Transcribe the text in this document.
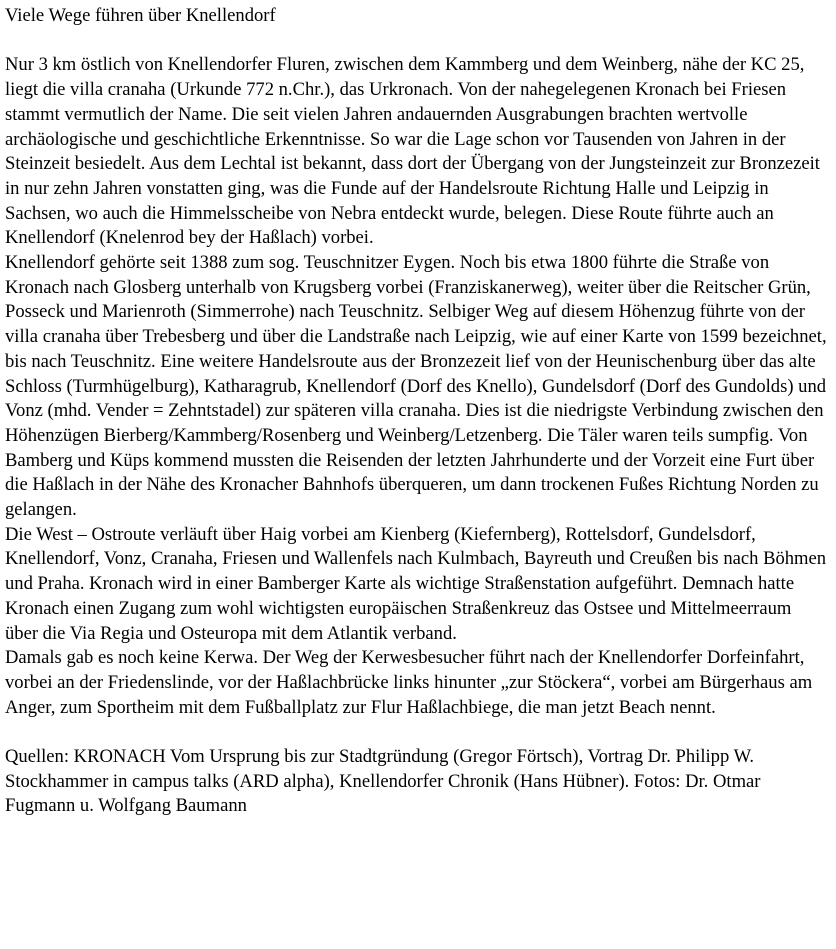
Viele Wege führen über Knellendorf

Nur 3 km östlich von Knellendorfer Fluren, zwischen dem Kammberg und dem Weinberg, nähe der KC 25, liegt die villa cranaha (Urkunde 772 n.Chr.), das Urkronach. Von der nahegelegenen Kronach bei Friesen stammt vermutlich der Name. Die seit vielen Jahren andauernden Ausgrabungen brachten wertvolle archäologische und geschichtliche Erkenntnisse. So war die Lage schon vor Tausenden von Jahren in der Steinzeit besiedelt. Aus dem Lechtal ist bekannt, dass dort der Übergang von der Jungsteinzeit zur Bronzezeit in nur zehn Jahren vonstatten ging, was die Funde auf der Handelsroute Richtung Halle und Leipzig in Sachsen, wo auch die Himmelsscheibe von Nebra entdeckt wurde, belegen. Diese Route führte auch an Knellendorf (Knelenrod bey der Haßlach) vorbei.

Knellendorf gehörte seit 1388 zum sog. Teuschnitzer Eygen. Noch bis etwa 1800 führte die Straße von Kronach nach Glosberg unterhalb von Krugsberg vorbei (Franziskanerweg), weiter über die Reitscher Grün, Posseck und Marienroth (Simmerrohe) nach Teuschnitz. Selbiger Weg auf diesem Höhenzug führte von der villa cranaha über Trebesberg und über die Landstraße nach Leipzig, wie auf einer Karte von 1599 bezeichnet, bis nach Teuschnitz. Eine weitere Handelsroute aus der Bronzezeit lief von der Heunischenburg über das alte Schloss (Turmhügelburg), Katharagrub, Knellendorf (Dorf des Knello), Gundelsdorf (Dorf des Gundolds) und Vonz (mhd. Vender = Zehntstadel) zur späteren villa cranaha. Dies ist die niedrigste Verbindung zwischen den Höhenzügen Bierberg/Kammberg/Rosenberg und Weinberg/Letzenberg. Die Täler waren teils sumpfig. Von Bamberg und Küps kommend mussten die Reisenden der letzten Jahrhunderte und der Vorzeit eine Furt über die Haßlach in der Nähe des Kronacher Bahnhofs überqueren, um dann trockenen Fußes Richtung Norden zu gelangen.

Die West – Ostroute verläuft über Haig vorbei am Kienberg (Kiefernberg), Rottelsdorf, Gundelsdorf, Knellendorf, Vonz, Cranaha, Friesen und Wallenfels nach Kulmbach, Bayreuth und Creußen bis nach Böhmen und Praha. Kronach wird in einer Bamberger Karte als wichtige Straßenstation aufgeführt. Demnach hatte Kronach einen Zugang zum wohl wichtigsten europäischen Straßenkreuz das Ostsee und Mittelmeerraum über die Via Regia und Osteuropa mit dem Atlantik verband.

Damals gab es noch keine Kerwa. Der Weg der Kerwesbesucher führt nach der Knellendorfer Dorfeinfahrt, vorbei an der Friedenslinde, vor der Haßlachbrücke links hinunter „zur Stöckera“, vorbei am Bürgerhaus am Anger, zum Sportheim mit dem Fußballplatz zur Flur Haßlachbiege, die man jetzt Beach nennt.

Quellen: KRONACH Vom Ursprung bis zur Stadtgründung (Gregor Förtsch), Vortrag Dr. Philipp W. Stockhammer in campus talks (ARD alpha), Knellendorfer Chronik (Hans Hübner). Fotos: Dr. Otmar Fugmann u. Wolfgang Baumann
